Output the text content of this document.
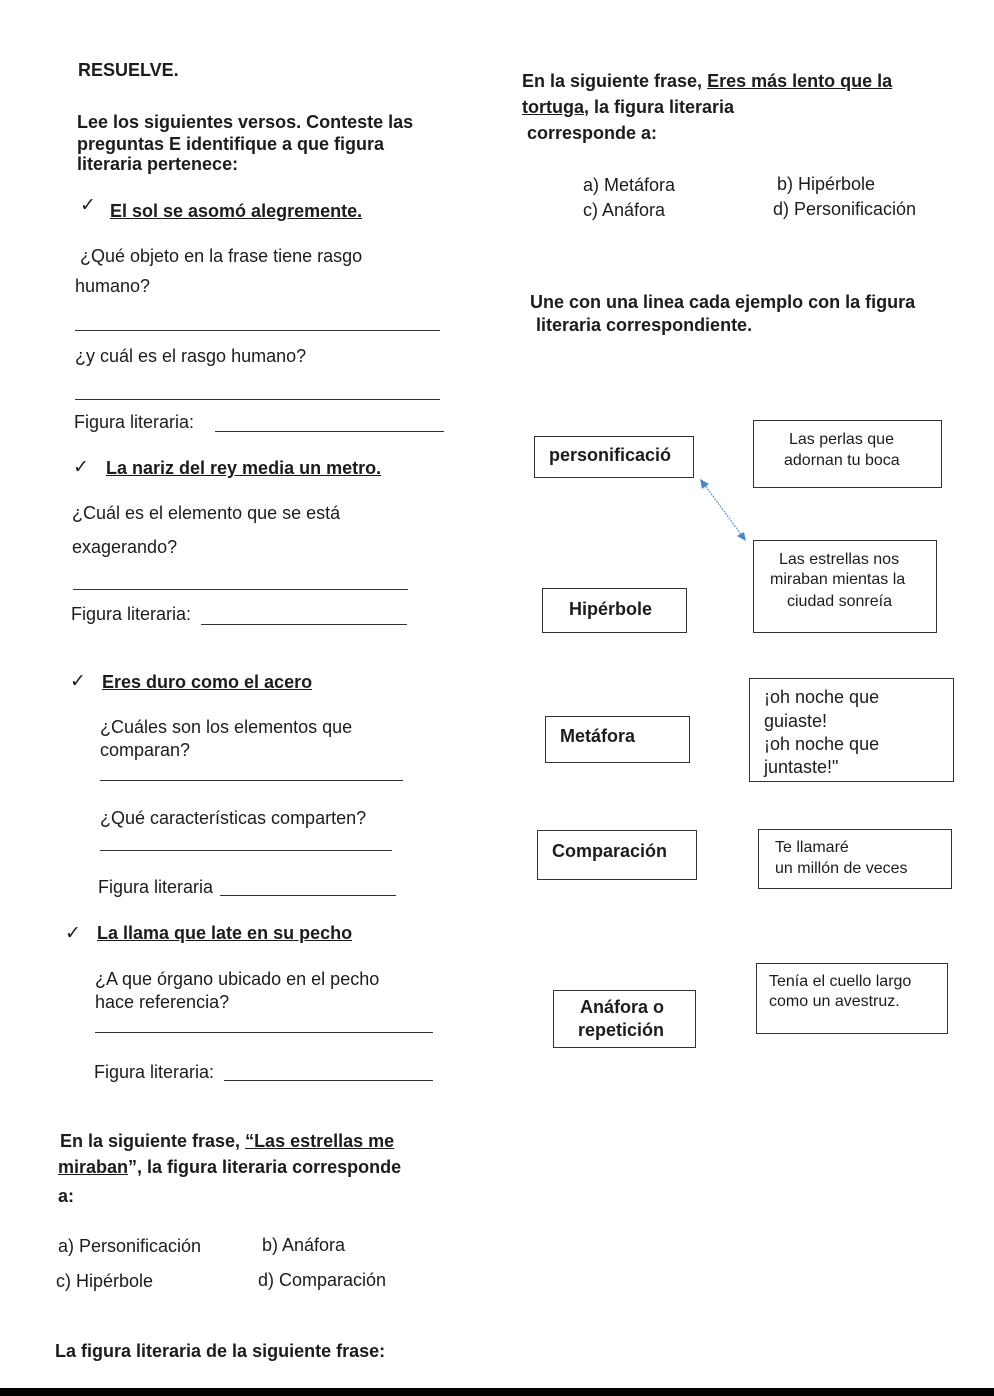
RESUELVE.
Lee los siguientes versos. Conteste las
preguntas E identifique a que figura
literaria pertenece:
✓ El sol se asomó alegremente.
¿Qué objeto en la frase tiene rasgo
humano?
¿y cuál es el rasgo humano?
Figura literaria:
✓ La nariz del rey media un metro.
¿Cuál es el elemento que se está
exagerando?
Figura literaria:
✓ Eres duro como el acero
¿Cuáles son los elementos que
comparan?
¿Qué características comparten?
Figura literaria
✓ La llama que late en su pecho
¿A que órgano ubicado en el pecho
hace referencia?
Figura literaria:
En la siguiente frase, “Las estrellas me
miraban”, la figura literaria corresponde
a:
a) Personificación	b) Anáfora
c) Hipérbole	d) Comparación
La figura literaria de la siguiente frase:
En la siguiente frase, Eres más lento que la
tortuga, la figura literaria
corresponde a:
a) Metáfora	b) Hipérbole
c) Anáfora	d) Personificación
Une con una linea cada ejemplo con la figura
literaria correspondiente.
personificació
Hipérbole
Metáfora
Comparación
Anáfora o
repetición
Las perlas que
adornan tu boca
Las estrellas nos
miraban mientas la
ciudad sonreía
¡oh noche que
guiaste!
¡oh noche que
juntaste!"
Te llamaré
un millón de veces
Tenía el cuello largo
como un avestruz.
